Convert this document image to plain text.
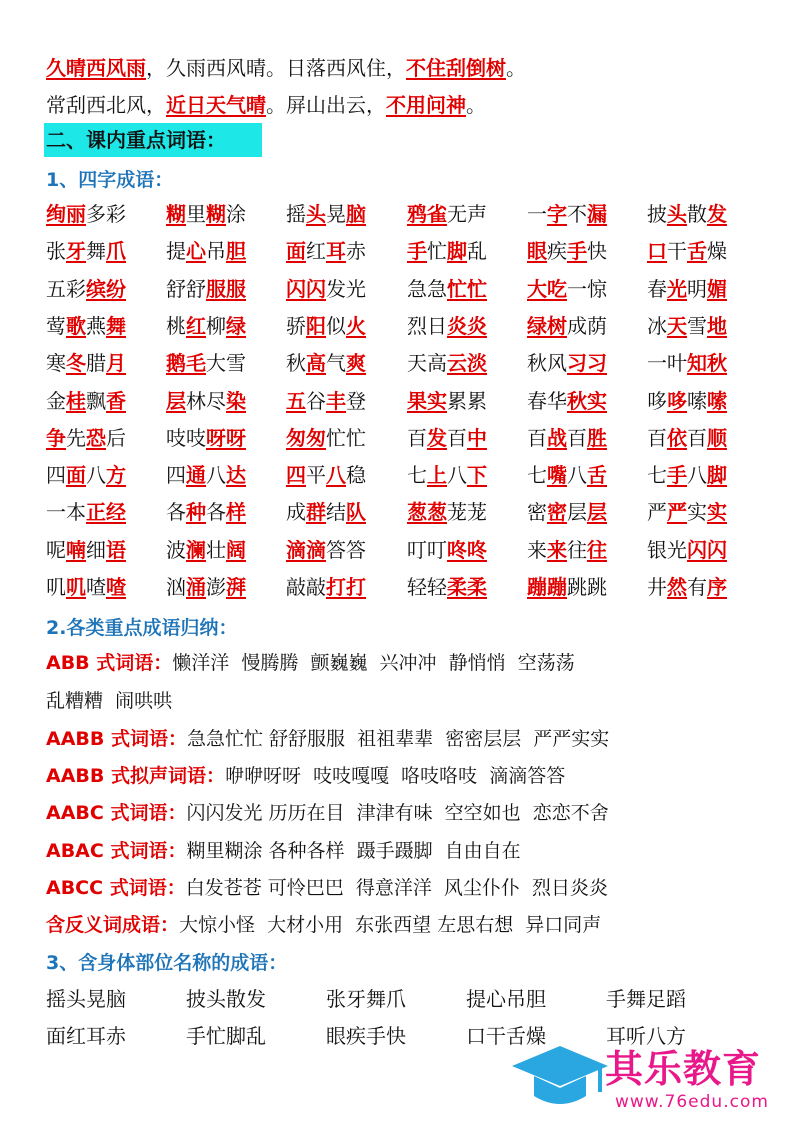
久晴西风雨，久雨西风晴。日落西风住，不住刮倒树。
常刮西北风，近日天气晴。屏山出云，不用问神。
二、课内重点词语：
1、四字成语：
绚丽多彩 糊里糊涂 摇头晃脑 鸦雀无声 一字不漏 披头散发
张牙舞爪 提心吊胆 面红耳赤 手忙脚乱 眼疾手快 口干舌燥
五彩缤纷 舒舒服服 闪闪发光 急急忙忙 大吃一惊 春光明媚
莺歌燕舞 桃红柳绿 骄阳似火 烈日炎炎 绿树成荫 冰天雪地
寒冬腊月 鹅毛大雪 秋高气爽 天高云淡 秋风习习 一叶知秋
金桂飘香 层林尽染 五谷丰登 果实累累 春华秋实 哆哆嗦嗦
争先恐后 吱吱呀呀 匆匆忙忙 百发百中 百战百胜 百依百顺
四面八方 四通八达 四平八稳 七上八下 七嘴八舌 七手八脚
一本正经 各种各样 成群结队 葱葱茏茏 密密层层 严严实实
呢喃细语 波澜壮阔 滴滴答答 叮叮咚咚 来来往往 银光闪闪
叽叽喳喳 汹涌澎湃 敲敲打打 轻轻柔柔 蹦蹦跳跳 井然有序
2.各类重点成语归纳：
ABB 式词语：懒洋洋  慢腾腾  颤巍巍  兴冲冲  静悄悄  空荡荡
乱糟糟  闹哄哄
AABB 式词语：急急忙忙 舒舒服服  祖祖辈辈  密密层层  严严实实
AABB 式拟声词语：咿咿呀呀  吱吱嘎嘎  咯吱咯吱  滴滴答答
AABC 式词语：闪闪发光 历历在目  津津有味  空空如也  恋恋不舍
ABAC 式词语：糊里糊涂 各种各样  蹑手蹑脚  自由自在
ABCC 式词语：白发苍苍 可怜巴巴  得意洋洋  风尘仆仆  烈日炎炎
含反义词成语：大惊小怪  大材小用  东张西望 左思右想  异口同声
3、含身体部位名称的成语：
摇头晃脑	披头散发	张牙舞爪	提心吊胆	手舞足蹈
面红耳赤	手忙脚乱	眼疾手快	口干舌燥	耳听八方
其乐教育
www.76edu.com
